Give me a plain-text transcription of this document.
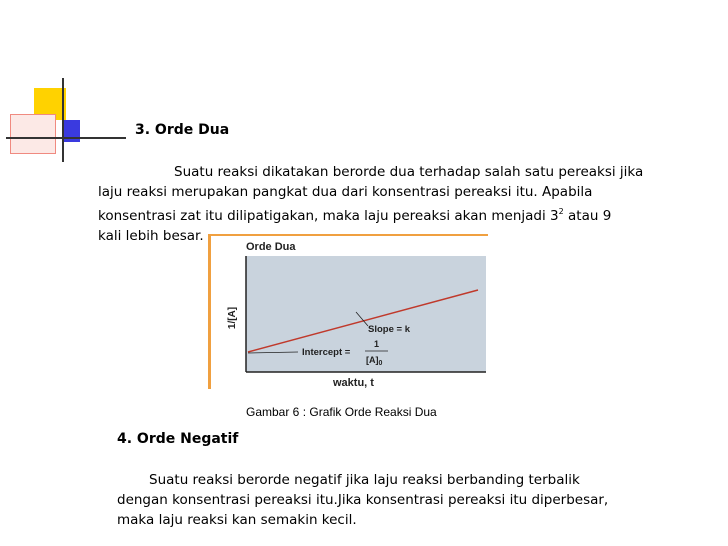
3. Orde Dua
Suatu reaksi dikatakan berorde dua terhadap salah satu pereaksi jika
laju reaksi merupakan pangkat dua dari konsentrasi pereaksi itu. Apabila
konsentrasi zat itu dilipatigakan, maka laju pereaksi akan menjadi $3^2$ atau 9
kali lebih besar.
Orde Dua
1/[A]
waktu, t
Slope = k
Intercept =
1
$[A]_0$
Gambar 6 : Grafik Orde Reaksi Dua
4. Orde Negatif
Suatu reaksi berorde negatif jika laju reaksi berbanding terbalik
dengan konsentrasi pereaksi itu.Jika konsentrasi pereaksi itu diperbesar,
maka laju reaksi kan semakin kecil.
